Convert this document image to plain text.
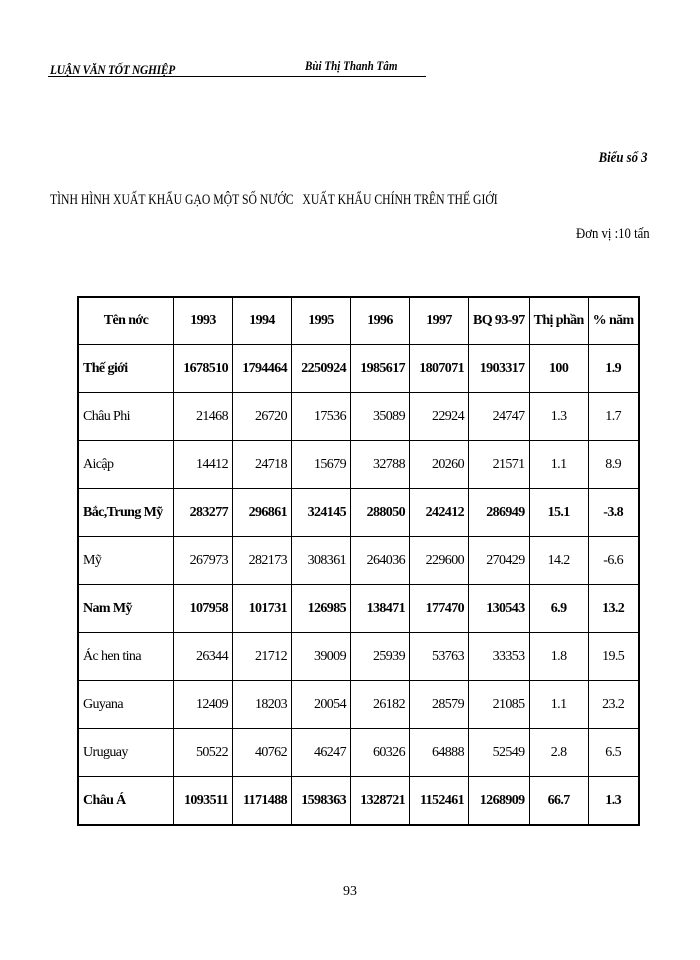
LUẬN VĂN TỐT NGHIỆP	Bùi Thị Thanh Tâm
Biểu số 3
TÌNH HÌNH XUẤT KHẨU GẠO MỘT SỐ NƯỚC   XUẤT KHẨU CHÍNH TRÊN THẾ GIỚI
Đơn vị :10 tấn
Tên nớc	1993	1994	1995	1996	1997	BQ 93-97	Thị phần	% năm
Thế giới	1678510	1794464	2250924	1985617	1807071	1903317	100	1.9
Châu Phi	21468	26720	17536	35089	22924	24747	1.3	1.7
Aicập	14412	24718	15679	32788	20260	21571	1.1	8.9
Bắc,Trung Mỹ	283277	296861	324145	288050	242412	286949	15.1	-3.8
Mỹ	267973	282173	308361	264036	229600	270429	14.2	-6.6
Nam Mỹ	107958	101731	126985	138471	177470	130543	6.9	13.2
Ác hen tina	26344	21712	39009	25939	53763	33353	1.8	19.5
Guyana	12409	18203	20054	26182	28579	21085	1.1	23.2
Uruguay	50522	40762	46247	60326	64888	52549	2.8	6.5
Châu Á	1093511	1171488	1598363	1328721	1152461	1268909	66.7	1.3
93
